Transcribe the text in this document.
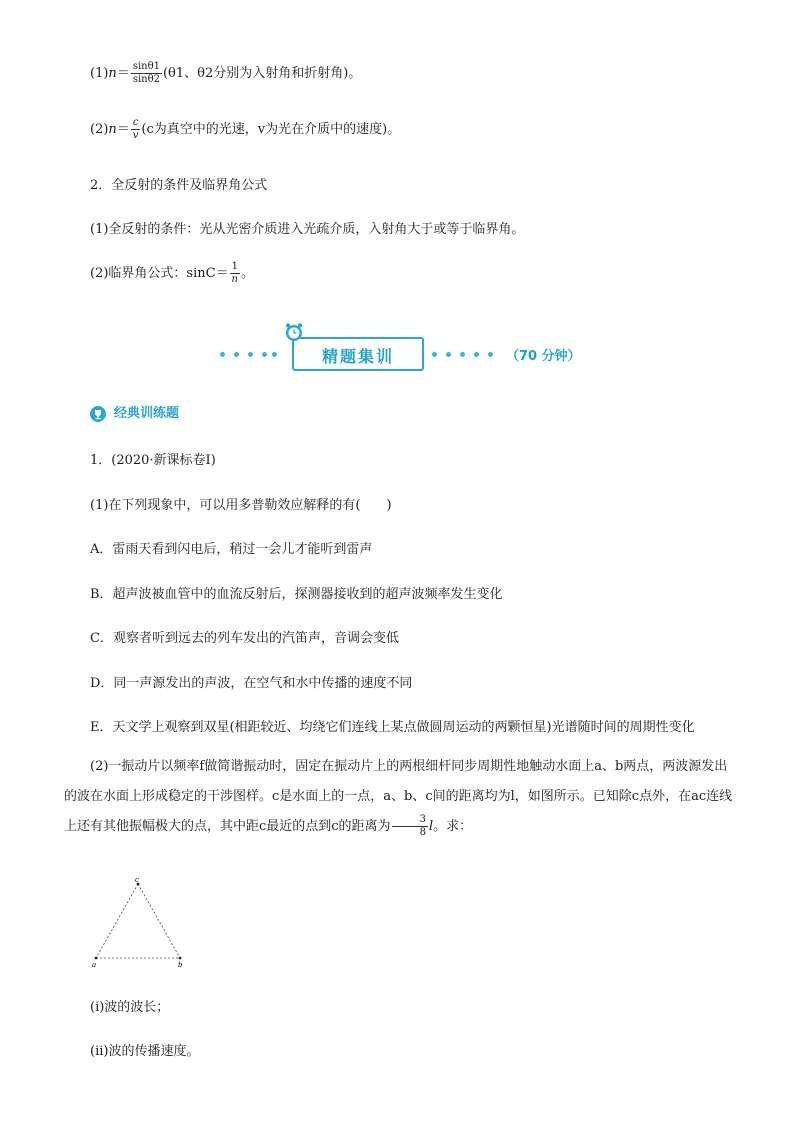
$(1)n= \frac{\sin\theta 1}{\sin\theta 2} (\theta 1$、θ2分别为入射角和折射角)。
$(2)n= \frac{c}{v} (c$为真空中的光速，v为光在介质中的速度)。
2．全反射的条件及临界角公式
(1)全反射的条件：光从光密介质进入光疏介质，入射角大于或等于临界角。
(2)临界角公式：$\sin C= \frac{1}{n}$ 。
精题集训	（70 分钟）
经典训练题
1．(2020·新课标卷Ⅰ)
(1)在下列现象中，可以用多普勒效应解释的有(　　)
A．雷雨天看到闪电后，稍过一会儿才能听到雷声
B．超声波被血管中的血流反射后，探测器接收到的超声波频率发生变化
C．观察者听到远去的列车发出的汽笛声，音调会变低
D．同一声源发出的声波，在空气和水中传播的速度不同
E．天文学上观察到双星(相距较近、均绕它们连线上某点做圆周运动的两颗恒星)光谱随时间的周期性变化
(2)一振动片以频率f做简谐振动时，固定在振动片上的两根细杆同步周期性地触动水面上a、b两点，两波源发出的波在水面上形成稳定的干涉图样。c是水面上的一点，a、b、c间的距离均为l，如图所示。已知除c点外，在ac连线上还有其他振幅极大的点，其中距c最近的点到c的距离为 $\frac{3}{8}$ l。求：
c
a	b
(i)波的波长；
(ii)波的传播速度。
